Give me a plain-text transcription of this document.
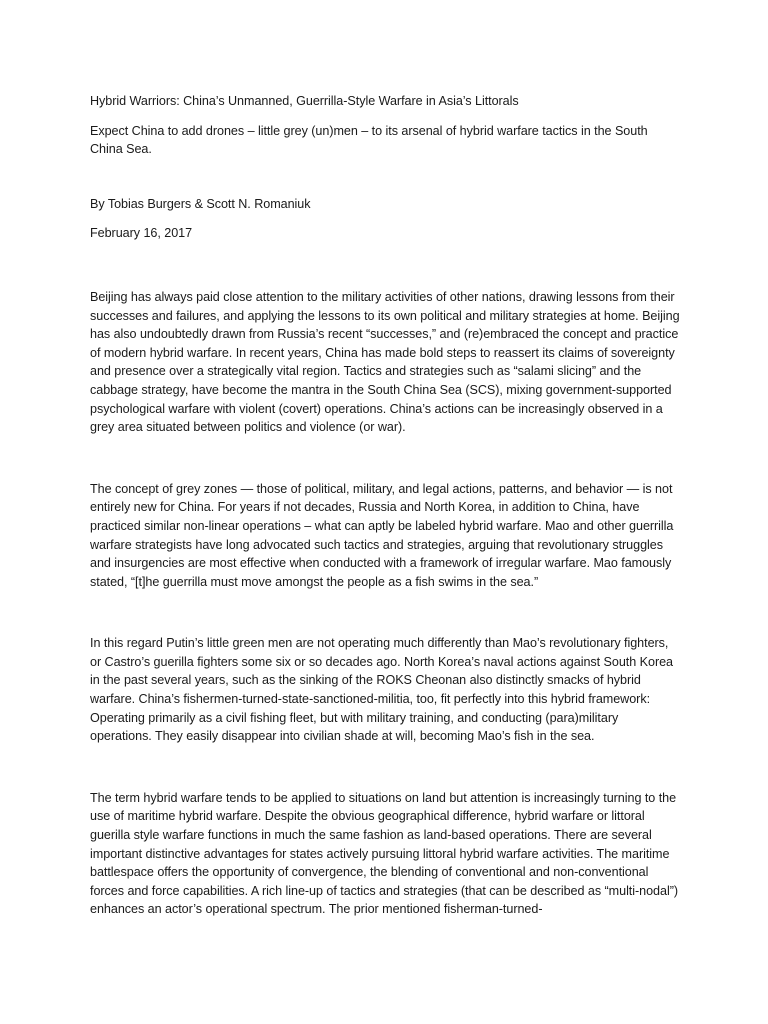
Hybrid Warriors: China’s Unmanned, Guerrilla-Style Warfare in Asia’s Littorals

Expect China to add drones – little grey (un)men – to its arsenal of hybrid warfare tactics in the South China Sea.

By Tobias Burgers & Scott N. Romaniuk

February 16, 2017

Beijing has always paid close attention to the military activities of other nations, drawing lessons from their successes and failures, and applying the lessons to its own political and military strategies at home. Beijing has also undoubtedly drawn from Russia’s recent “successes,” and (re)embraced the concept and practice of modern hybrid warfare. In recent years, China has made bold steps to reassert its claims of sovereignty and presence over a strategically vital region. Tactics and strategies such as “salami slicing” and the cabbage strategy, have become the mantra in the South China Sea (SCS), mixing government-supported psychological warfare with violent (covert) operations. China’s actions can be increasingly observed in a grey area situated between politics and violence (or war).

The concept of grey zones — those of political, military, and legal actions, patterns, and behavior — is not entirely new for China. For years if not decades, Russia and North Korea, in addition to China, have practiced similar non-linear operations – what can aptly be labeled hybrid warfare. Mao and other guerrilla warfare strategists have long advocated such tactics and strategies, arguing that revolutionary struggles and insurgencies are most effective when conducted with a framework of irregular warfare. Mao famously stated, “[t]he guerrilla must move amongst the people as a fish swims in the sea.”

In this regard Putin’s little green men are not operating much differently than Mao’s revolutionary fighters, or Castro’s guerilla fighters some six or so decades ago. North Korea’s naval actions against South Korea in the past several years, such as the sinking of the ROKS Cheonan also distinctly smacks of hybrid warfare. China’s fishermen-turned-state-sanctioned-militia, too, fit perfectly into this hybrid framework: Operating primarily as a civil fishing fleet, but with military training, and conducting (para)military operations. They easily disappear into civilian shade at will, becoming Mao’s fish in the sea.

The term hybrid warfare tends to be applied to situations on land but attention is increasingly turning to the use of maritime hybrid warfare. Despite the obvious geographical difference, hybrid warfare or littoral guerilla style warfare functions in much the same fashion as land-based operations. There are several important distinctive advantages for states actively pursuing littoral hybrid warfare activities. The maritime battlespace offers the opportunity of convergence, the blending of conventional and non-conventional forces and force capabilities. A rich line-up of tactics and strategies (that can be described as “multi-nodal”) enhances an actor’s operational spectrum. The prior mentioned fisherman-turned-
